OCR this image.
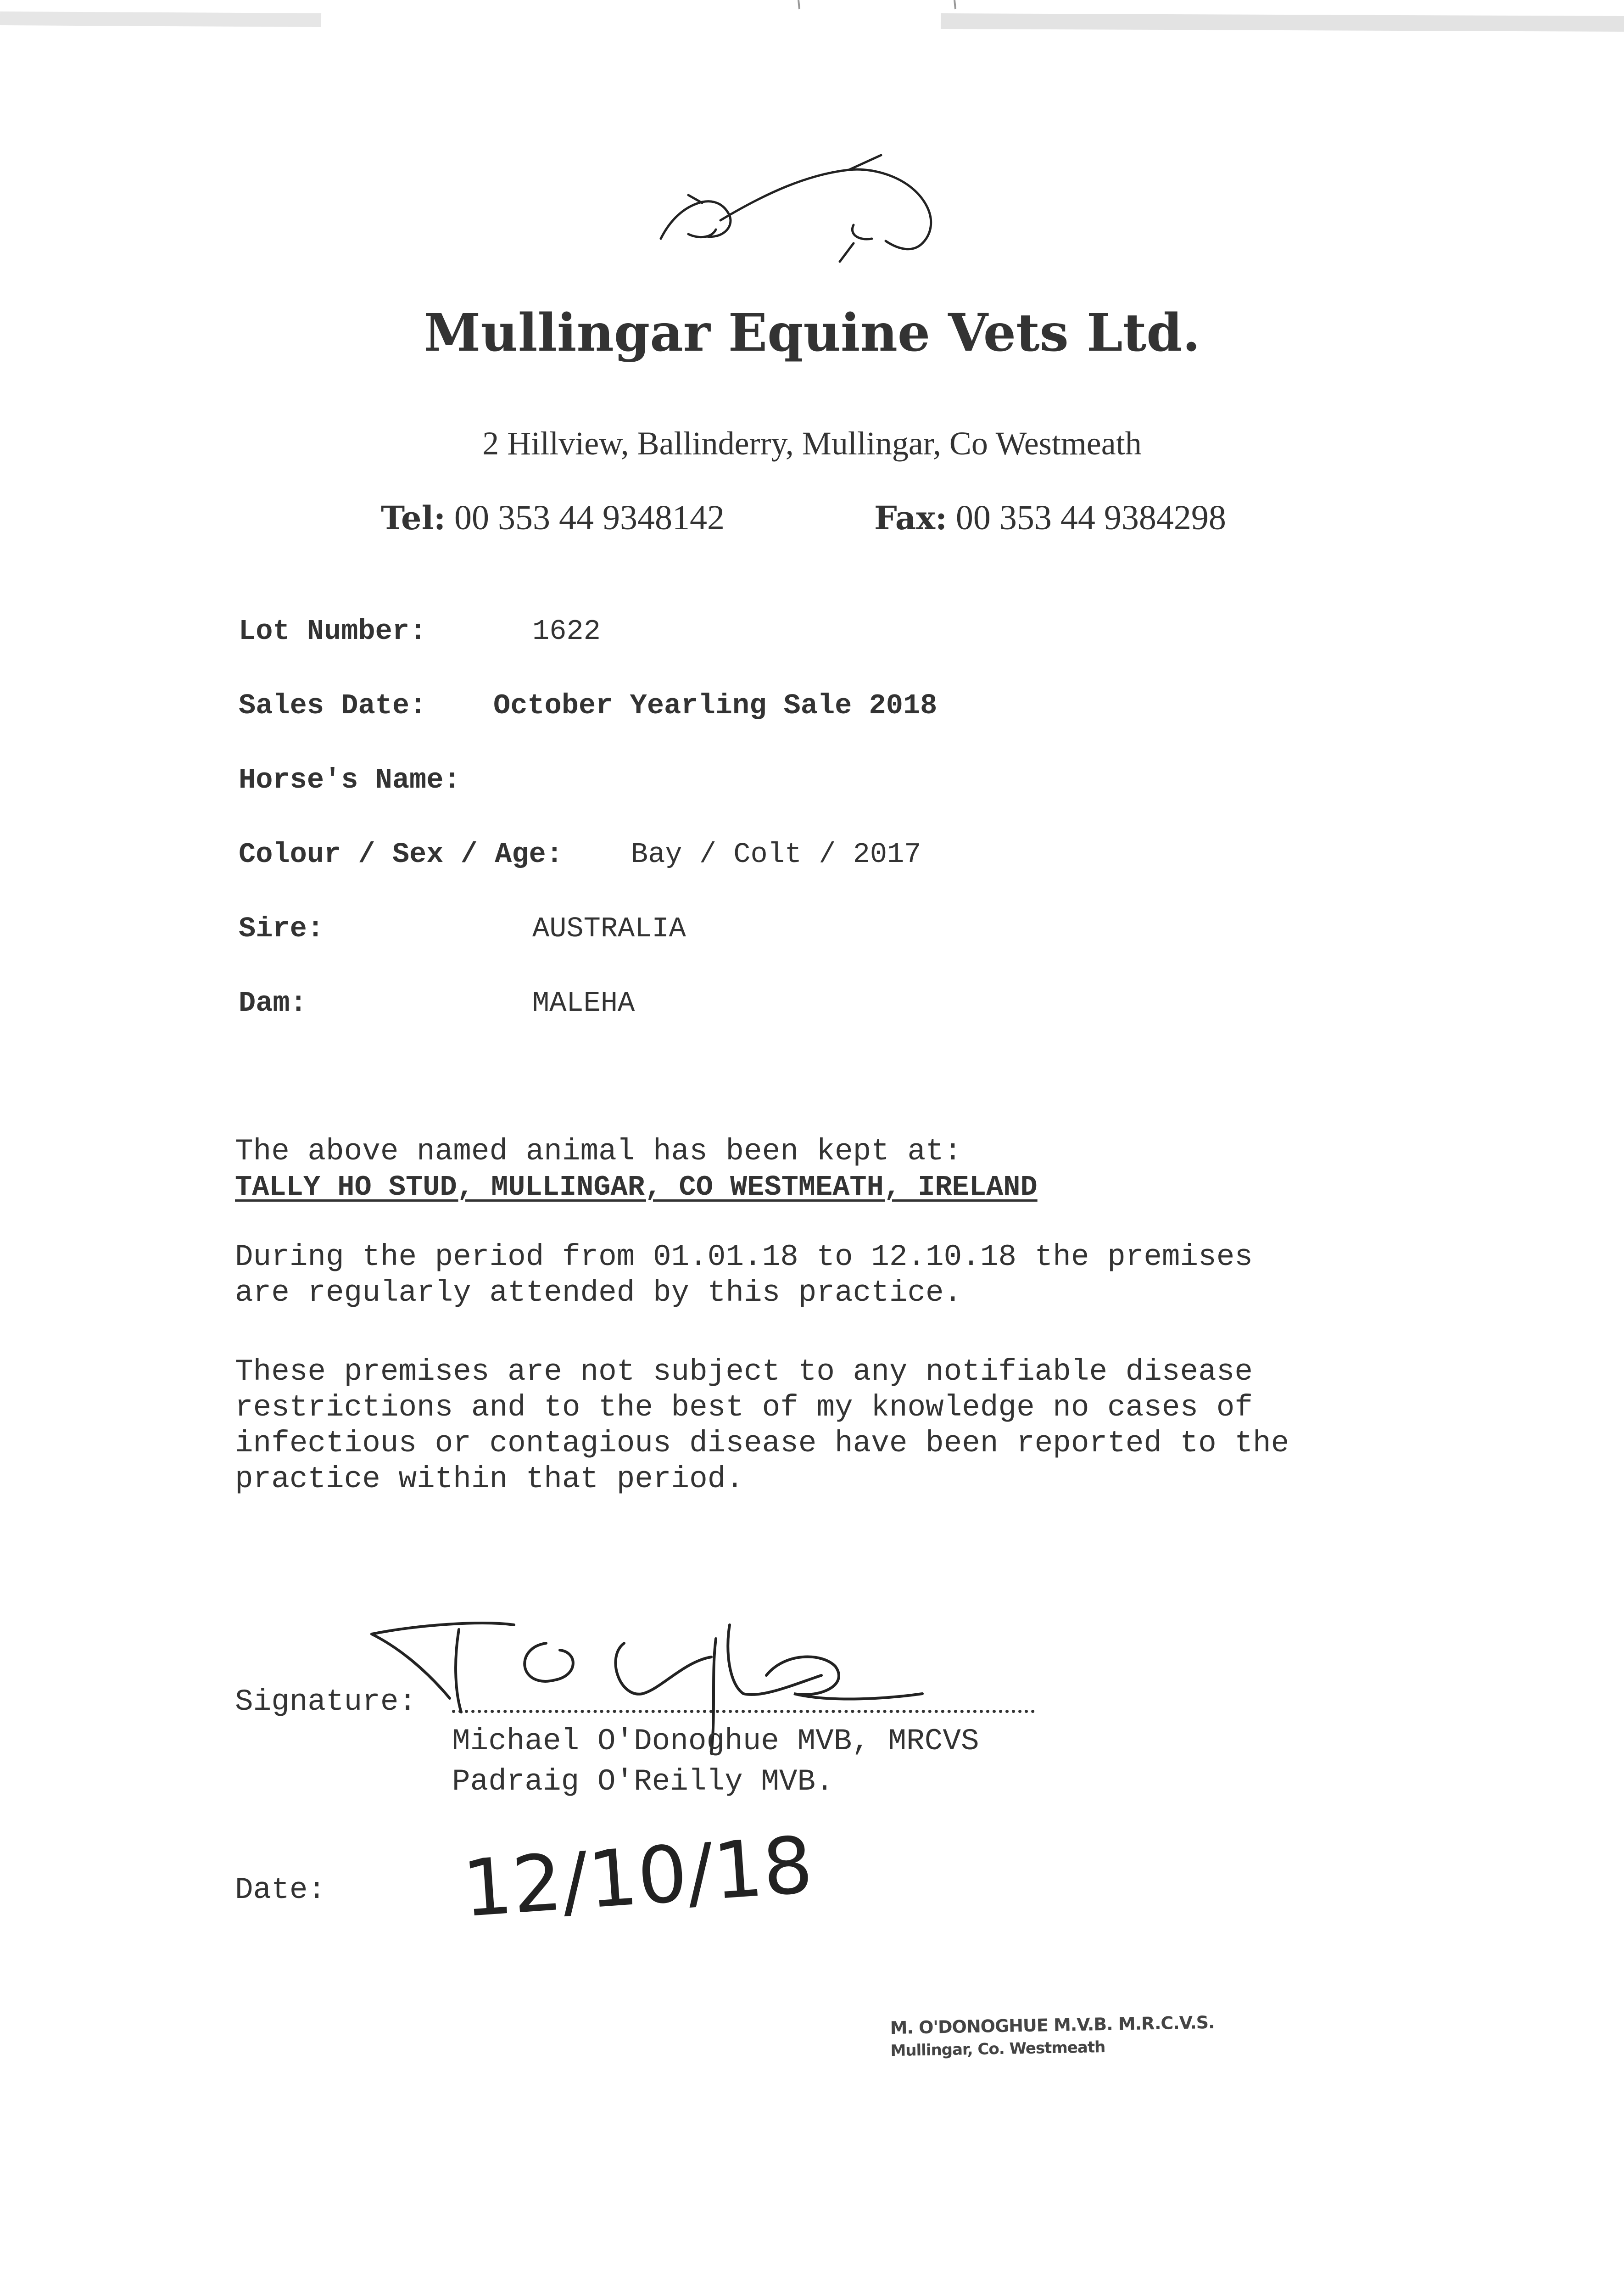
Mullingar Equine Vets Ltd.
2 Hillview, Ballinderry, Mullingar, Co Westmeath
Tel: 00 353 44 9348142	Fax: 00 353 44 9384298
Lot Number:	1622
Sales Date: October Yearling Sale 2018
Horse's Name:
Colour / Sex / Age: Bay / Colt / 2017
Sire:	AUSTRALIA
Dam:	MALEHA
The above named animal has been kept at:
TALLY HO STUD, MULLINGAR, CO WESTMEATH, IRELAND
During the period from 01.01.18 to 12.10.18 the premises
are regularly attended by this practice.
These premises are not subject to any notifiable disease
restrictions and to the best of my knowledge no cases of
infectious or contagious disease have been reported to the
practice within that period.
Signature:
Michael O'Donoghue MVB, MRCVS
Padraig O'Reilly MVB.
Date: 12/10/18
M. O'DONOGHUE M.V.B. M.R.C.V.S.
Mullingar, Co. Westmeath
